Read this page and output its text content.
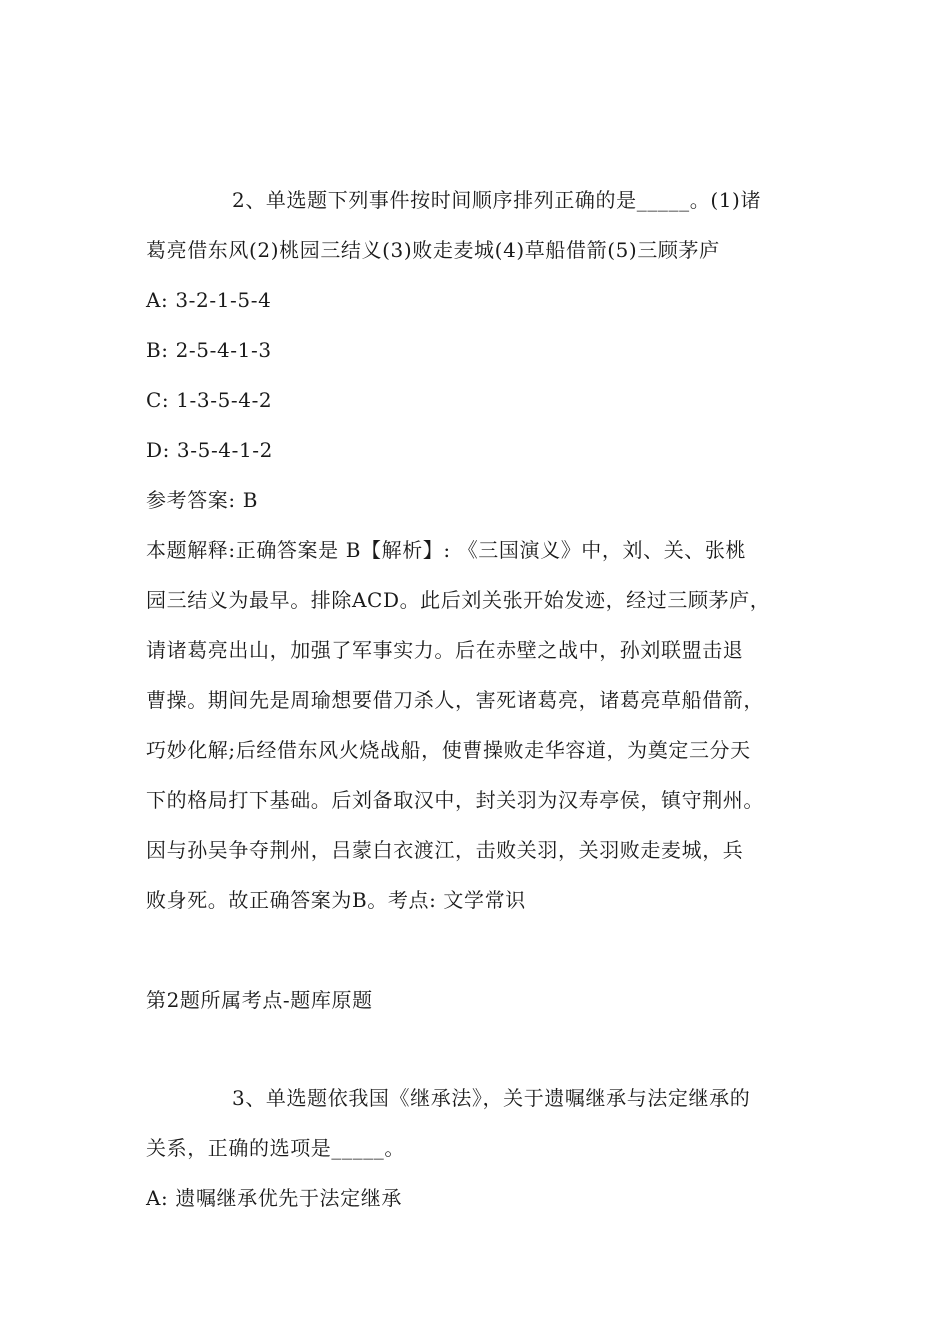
2、单选题下列事件按时间顺序排列正确的是_____。(1)诸
葛亮借东风(2)桃园三结义(3)败走麦城(4)草船借箭(5)三顾茅庐
A: 3-2-1-5-4
B: 2-5-4-1-3
C: 1-3-5-4-2
D: 3-5-4-1-2
参考答案: B
本题解释:正确答案是 B【解析】: 《三国演义》中，刘、关、张桃
园三结义为最早。排除ACD。此后刘关张开始发迹，经过三顾茅庐，
请诸葛亮出山，加强了军事实力。后在赤壁之战中，孙刘联盟击退
曹操。期间先是周瑜想要借刀杀人，害死诸葛亮，诸葛亮草船借箭，
巧妙化解;后经借东风火烧战船，使曹操败走华容道，为奠定三分天
下的格局打下基础。后刘备取汉中，封关羽为汉寿亭侯，镇守荆州。
因与孙吴争夺荆州，吕蒙白衣渡江，击败关羽，关羽败走麦城，兵
败身死。故正确答案为B。考点: 文学常识
第2题所属考点-题库原题
3、单选题依我国《继承法》，关于遗嘱继承与法定继承的
关系，正确的选项是_____。
A: 遗嘱继承优先于法定继承
